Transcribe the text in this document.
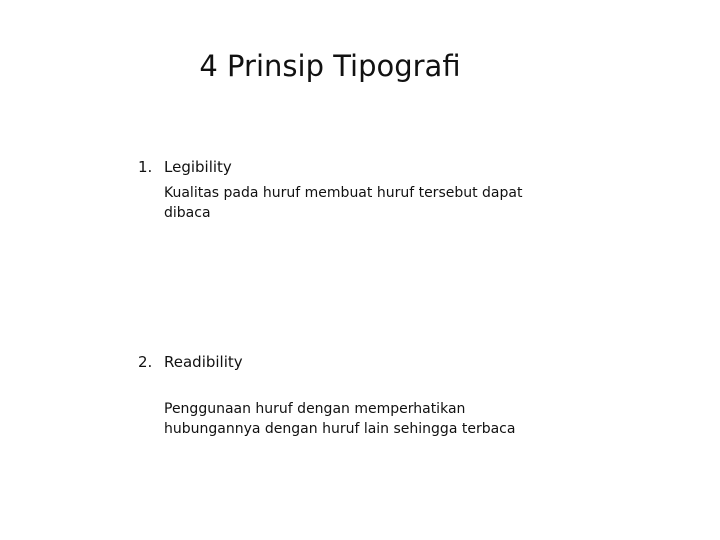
4 Prinsip Tipografi
1. Legibility
Kualitas pada huruf membuat huruf tersebut dapat dibaca
2. Readibility
Penggunaan huruf dengan memperhatikan hubungannya dengan huruf lain sehingga terbaca
